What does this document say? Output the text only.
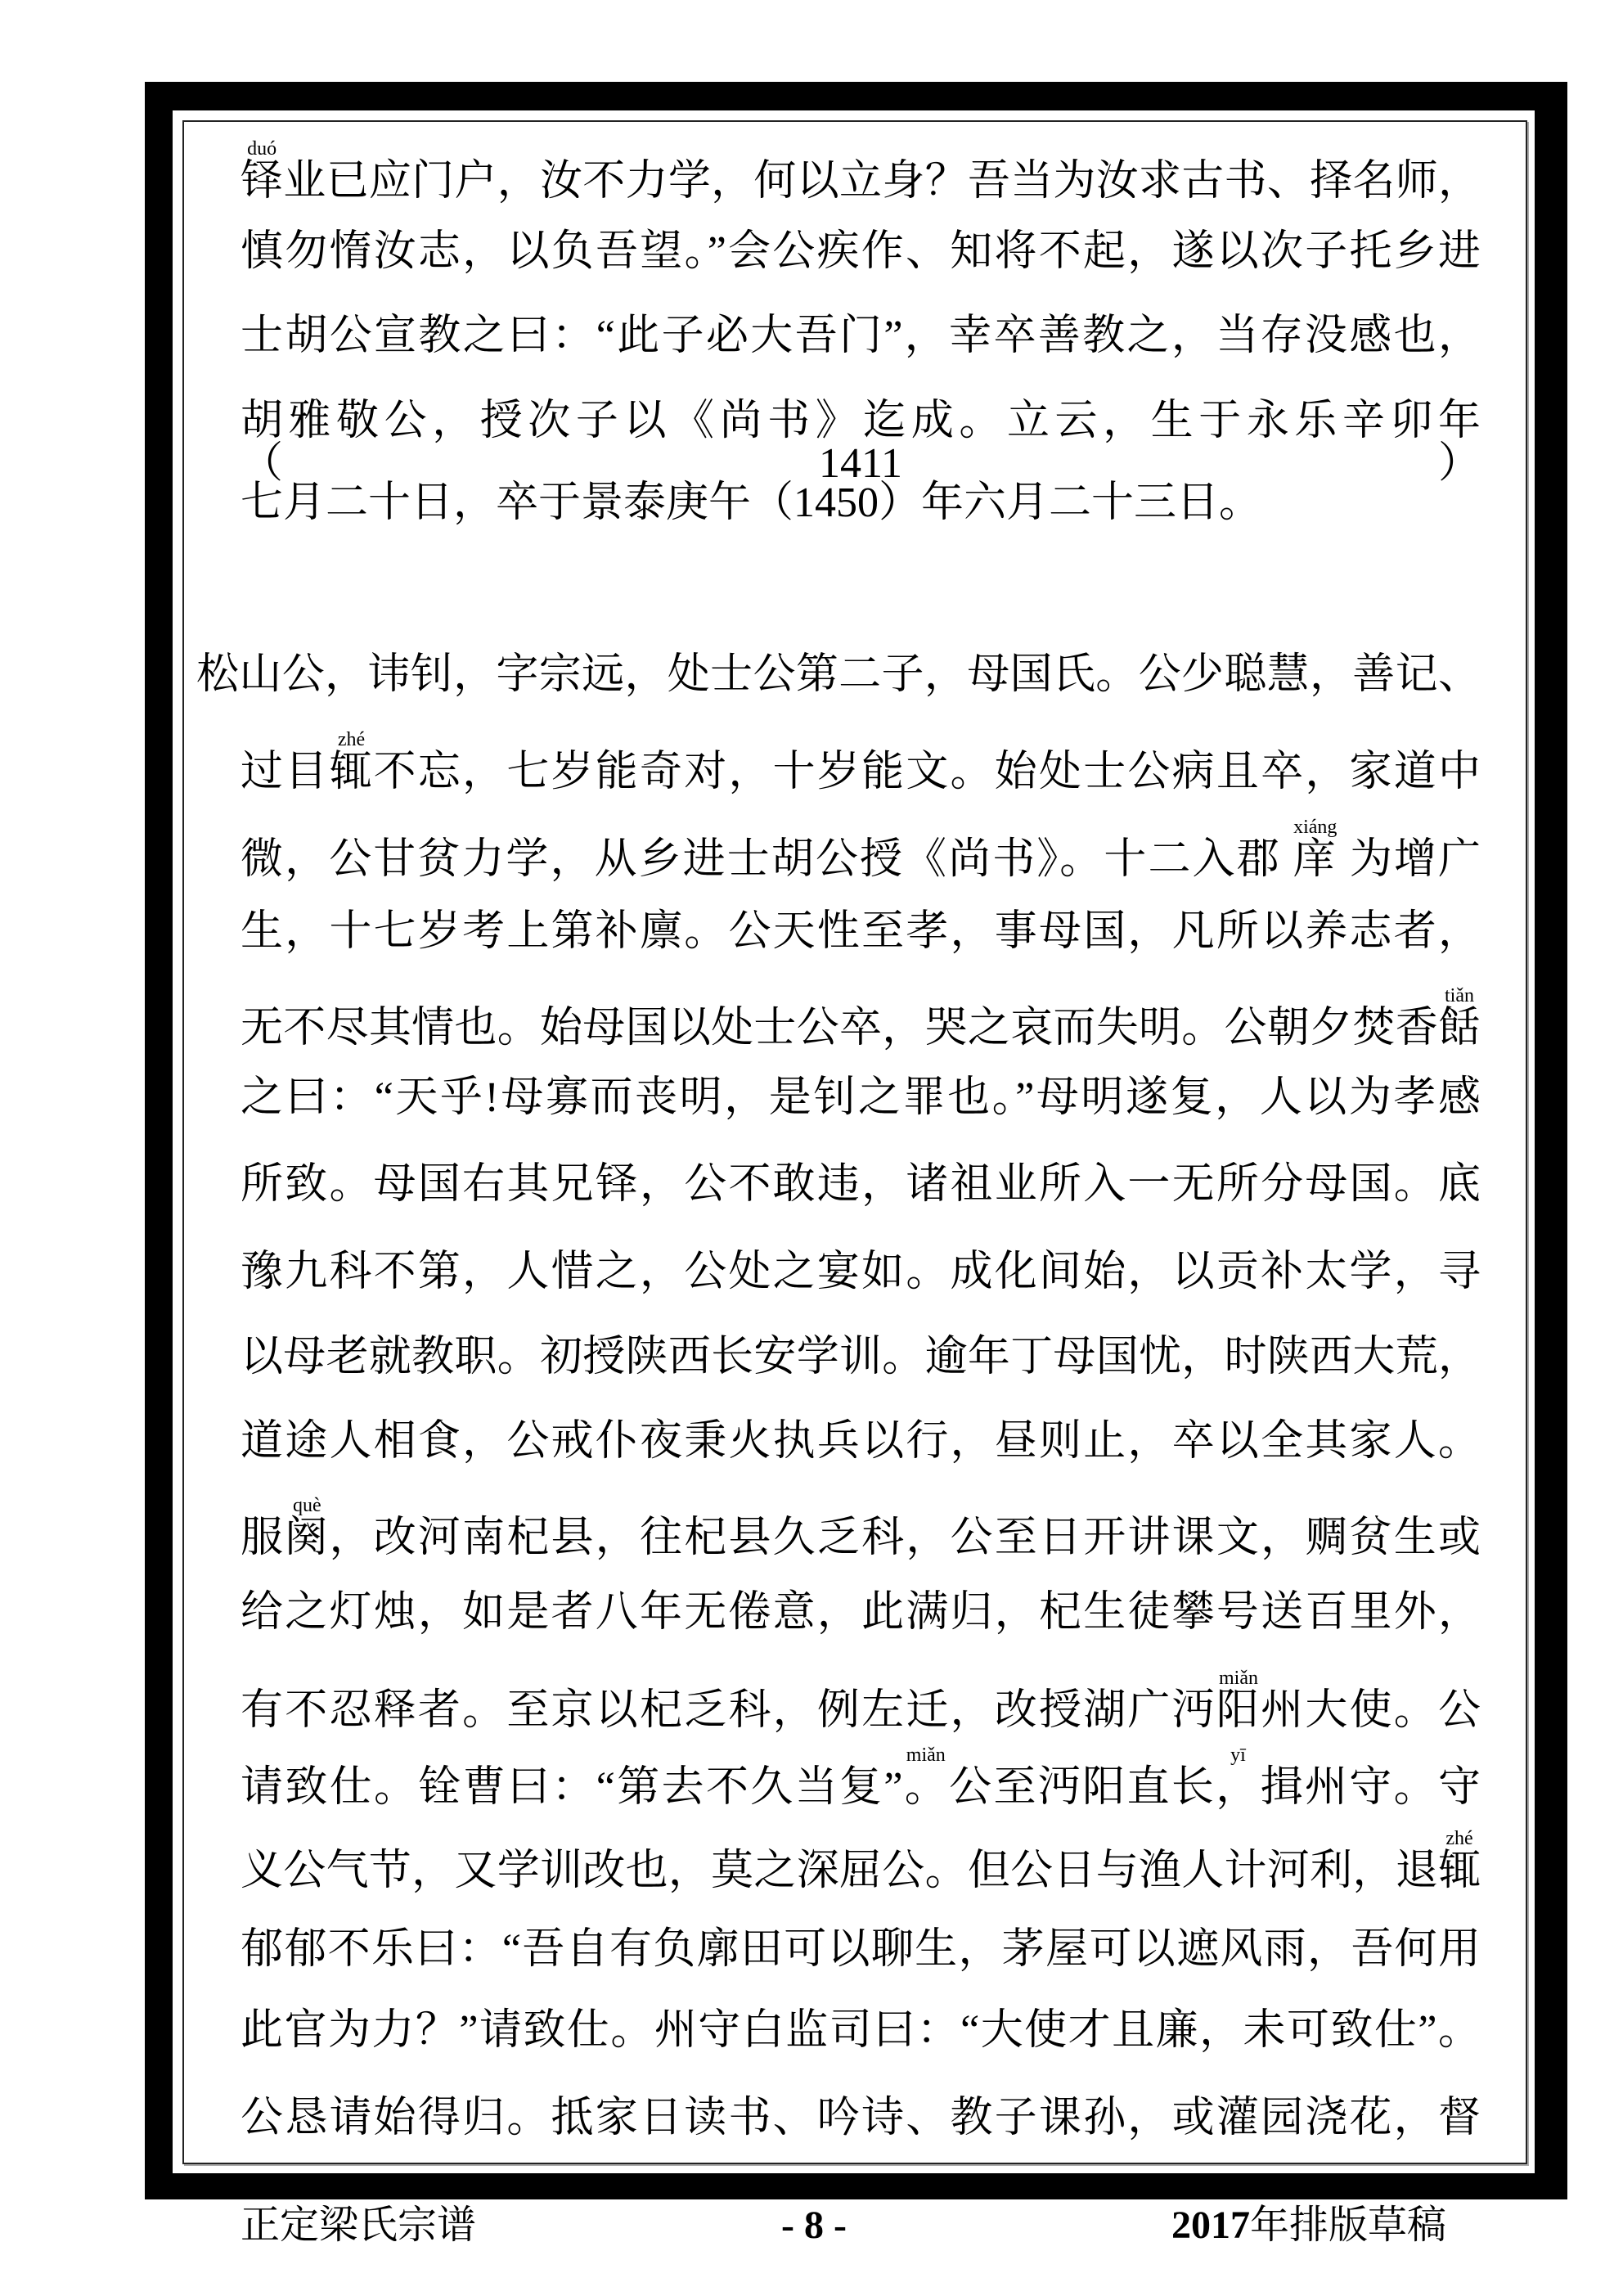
铎业已应门户，汝不力学，何以立身？吾当为汝求古书、择名师，
慎勿惰汝志，以负吾望。”会公疾作、知将不起，遂以次子托乡进
士胡公宣教之曰：“此子必大吾门”，幸卒善教之，当存没感也，
胡雅敬公，授次子以《尚书》迄成。立云，生于永乐辛卯年（1411）
七月二十日，卒于景泰庚午（1450）年六月二十三日。
松山公，讳钊，字宗远，处士公第二子，母国氏。公少聪慧，善记、
过目辄不忘，七岁能奇对，十岁能文。始处士公病且卒，家道中
微，公甘贫力学，从乡进士胡公授《尚书》。十二入郡 庠 为增广
生，十七岁考上第补廪。公天性至孝，事母国，凡所以养志者，
无不尽其情也。始母国以处士公卒，哭之哀而失明。公朝夕焚香餂
之曰：“天乎!母寡而丧明，是钊之罪也。”母明遂复，人以为孝感
所致。母国右其兄铎，公不敢违，诸祖业所入一无所分母国。底
豫九科不第，人惜之，公处之宴如。成化间始，以贡补太学，寻
以母老就教职。初授陕西长安学训。逾年丁母国忧，时陕西大荒，
道途人相食，公戒仆夜秉火执兵以行，昼则止，卒以全其家人。
服阕，改河南杞县，往杞县久乏科，公至日开讲课文，赒贫生或
给之灯烛，如是者八年无倦意，此满归，杞生徒攀号送百里外，
有不忍释者。至京以杞乏科，例左迁，改授湖广沔阳州大使。公
请致仕。铨曹曰：“第去不久当复”。公至沔阳直长，揖州守。守
义公气节，又学训改也，莫之深屈公。但公日与渔人计河利，退辄
郁郁不乐曰：“吾自有负廓田可以聊生，茅屋可以遮风雨，吾何用
此官为力？”请致仕。州守白监司曰：“大使才且廉，未可致仕”。
公恳请始得归。抵家日读书、吟诗、教子课孙，或灌园浇花，督
正定梁氏宗谱	- 8 -	2017年排版草稿
duó
zhé
xiáng
tiǎn
què
miǎn
miǎn	yī
zhé
